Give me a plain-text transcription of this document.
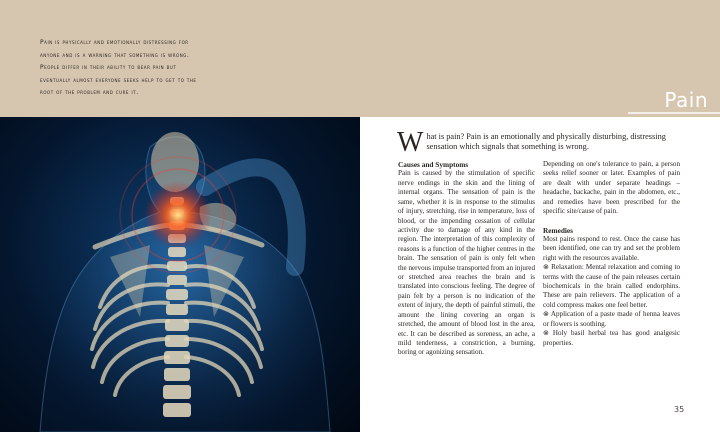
Pain is physically and emotionally distressing for
anyone and is a warning that something is wrong.
People differ in their ability to bear pain but
eventually almost everyone seeks help to get to the
root of the problem and cure it.	Pain
W hat is pain? Pain is an emotionally and physically disturbing, distressing sensation which signals that something is wrong.
Causes and Symptoms

Pain is caused by the stimulation of specific nerve endings in the skin and the lining of internal organs. The sensation of pain is the same, whether it is in response to the stimulus of injury, stretching, rise in temperature, loss of blood, or the impending cessation of cellular activity due to damage of any kind in the region. The interpretation of this complexity of reasons is a function of the higher centres in the brain. The sensation of pain is only felt when the nervous impulse transported from an injured or stretched area reaches the brain and is translated into conscious feeling. The degree of pain felt by a person is no indication of the extent of injury, the depth of painful stimuli, the amount the lining covering an organ is stretched, the amount of blood lost in the area, etc. It can be described as soreness, an ache, a mild tenderness, a constriction, a burning, boring or agonizing sensation.

Depending on one's tolerance to pain, a person seeks relief sooner or later. Examples of pain are dealt with under separate headings – headache, backache, pain in the abdomen, etc., and remedies have been prescribed for the specific site/cause of pain.

Remedies

Most pains respond to rest. Once the cause has been identified, one can try and set the problem right with the resources available.

⊗ Relaxation: Mental relaxation and coming to terms with the cause of the pain releases certain biochemicals in the brain called endorphins. These are pain relievers. The application of a cold compress makes one feel better.

⊗ Application of a paste made of henna leaves or flowers is soothing.

⊗ Holy basil herbal tea has good analgesic properties.

35
